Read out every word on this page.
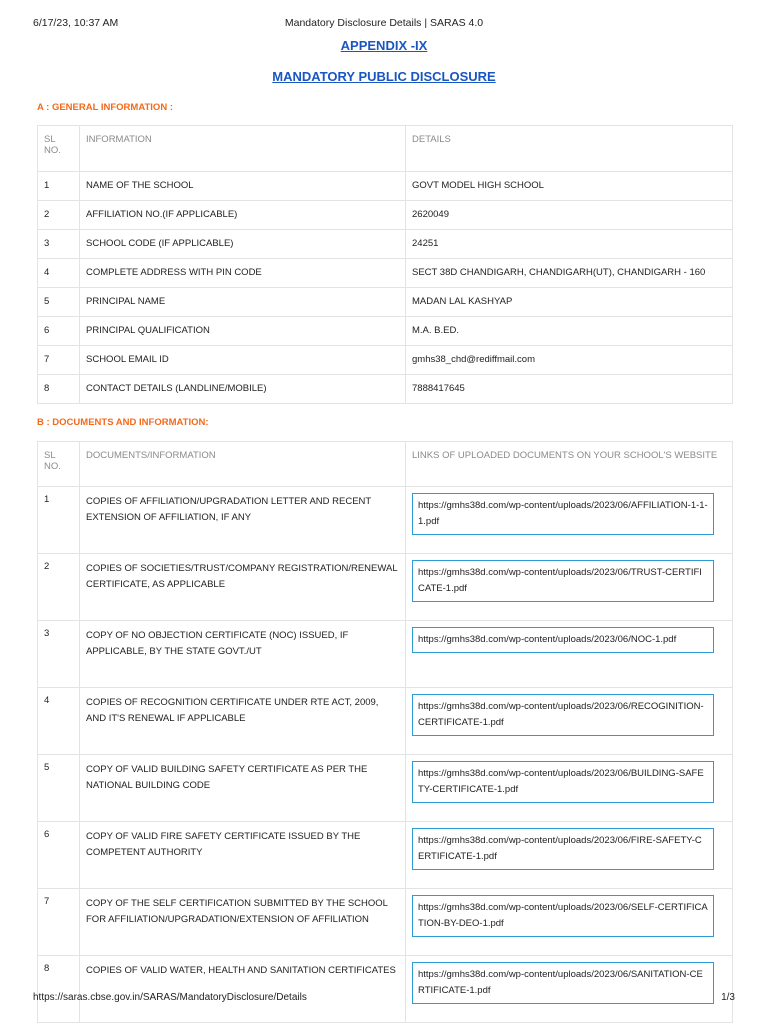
6/17/23, 10:37 AM	Mandatory Disclosure Details | SARAS 4.0
APPENDIX -IX
MANDATORY PUBLIC DISCLOSURE
A : GENERAL INFORMATION :
SL NO.	INFORMATION	DETAILS
1	NAME OF THE SCHOOL	GOVT MODEL HIGH SCHOOL
2	AFFILIATION NO.(IF APPLICABLE)	2620049
3	SCHOOL CODE (IF APPLICABLE)	24251
4	COMPLETE ADDRESS WITH PIN CODE	SECT 38D CHANDIGARH, CHANDIGARH(UT), CHANDIGARH - 160
5	PRINCIPAL NAME	MADAN LAL KASHYAP
6	PRINCIPAL QUALIFICATION	M.A. B.ED.
7	SCHOOL EMAIL ID	gmhs38_chd@rediffmail.com
8	CONTACT DETAILS (LANDLINE/MOBILE)	7888417645
B : DOCUMENTS AND INFORMATION:
SL NO.	DOCUMENTS/INFORMATION	LINKS OF UPLOADED DOCUMENTS ON YOUR SCHOOL'S WEBSITE
1	COPIES OF AFFILIATION/UPGRADATION LETTER AND RECENT EXTENSION OF AFFILIATION, IF ANY	https://gmhs38d.com/wp-content/uploads/2023/06/AFFILIATION-1-1-1.pdf

2	COPIES OF SOCIETIES/TRUST/COMPANY REGISTRATION/RENEWAL CERTIFICATE, AS APPLICABLE	https://gmhs38d.com/wp-content/uploads/2023/06/TRUST-CERTIFICATE-1.pdf

3	COPY OF NO OBJECTION CERTIFICATE (NOC) ISSUED, IF APPLICABLE, BY THE STATE GOVT./UT	https://gmhs38d.com/wp-content/uploads/2023/06/NOC-1.pdf

4	COPIES OF RECOGNITION CERTIFICATE UNDER RTE ACT, 2009, AND IT'S RENEWAL IF APPLICABLE	https://gmhs38d.com/wp-content/uploads/2023/06/RECOGINITION-CERTIFICATE-1.pdf

5	COPY OF VALID BUILDING SAFETY CERTIFICATE AS PER THE NATIONAL BUILDING CODE	https://gmhs38d.com/wp-content/uploads/2023/06/BUILDING-SAFETY-CERTIFICATE-1.pdf

6	COPY OF VALID FIRE SAFETY CERTIFICATE ISSUED BY THE COMPETENT AUTHORITY	https://gmhs38d.com/wp-content/uploads/2023/06/FIRE-SAFETY-CERTIFICATE-1.pdf

7	COPY OF THE SELF CERTIFICATION SUBMITTED BY THE SCHOOL FOR AFFILIATION/UPGRADATION/EXTENSION OF AFFILIATION	https://gmhs38d.com/wp-content/uploads/2023/06/SELF-CERTIFICATION-BY-DEO-1.pdf

8	COPIES OF VALID WATER, HEALTH AND SANITATION CERTIFICATES	https://gmhs38d.com/wp-content/uploads/2023/06/SANITATION-CERTIFICATE-1.pdf
https://saras.cbse.gov.in/SARAS/MandatoryDisclosure/Details	1/3
